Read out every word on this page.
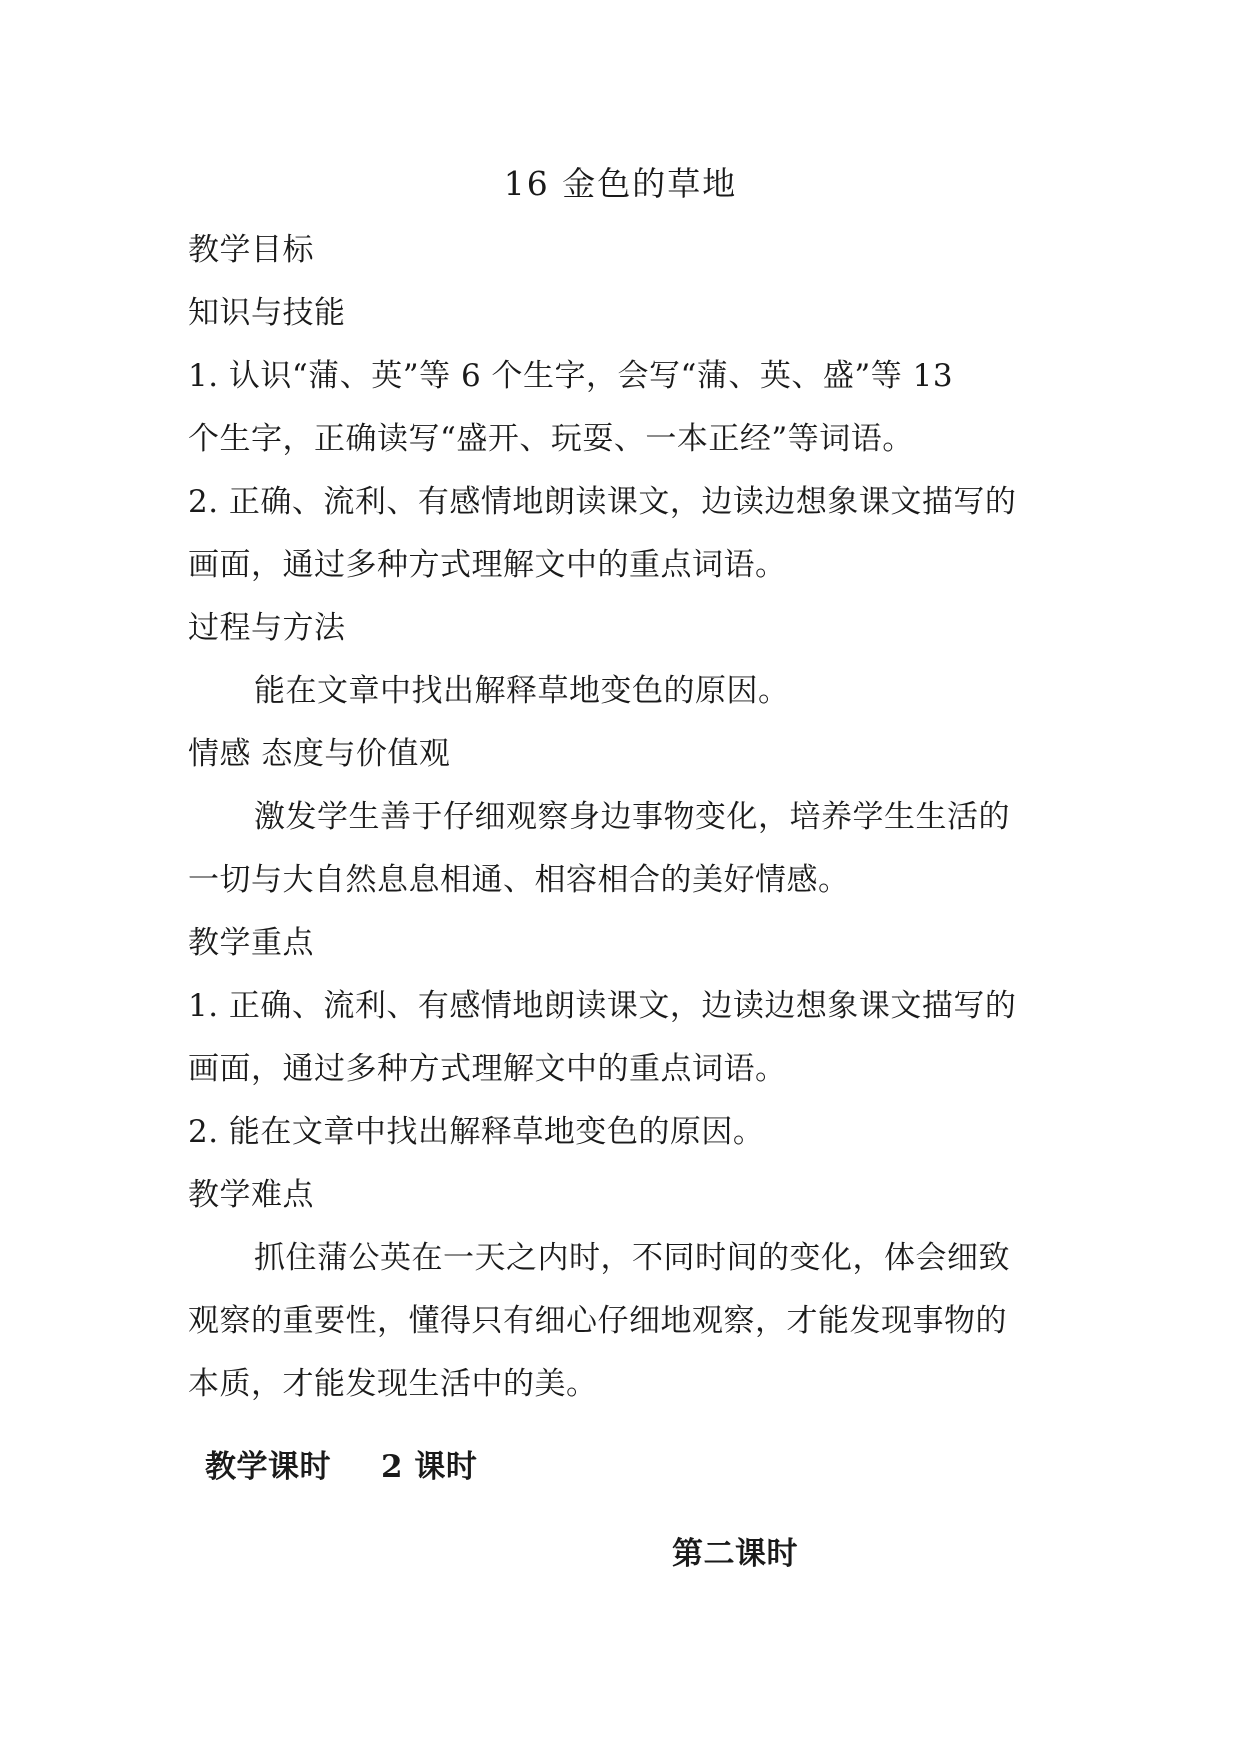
16 金色的草地
教学目标
知识与技能
1. 认识“蒲、英”等 6 个生字，会写“蒲、英、盛”等 13
个生字，正确读写“盛开、玩耍、一本正经”等词语。
2. 正确、流利、有感情地朗读课文，边读边想象课文描写的
画面，通过多种方式理解文中的重点词语。
过程与方法
能在文章中找出解释草地变色的原因。
情感 态度与价值观
激发学生善于仔细观察身边事物变化，培养学生生活的
一切与大自然息息相通、相容相合的美好情感。
教学重点
1. 正确、流利、有感情地朗读课文，边读边想象课文描写的
画面，通过多种方式理解文中的重点词语。
2. 能在文章中找出解释草地变色的原因。
教学难点
抓住蒲公英在一天之内时，不同时间的变化，体会细致
观察的重要性，懂得只有细心仔细地观察，才能发现事物的
本质，才能发现生活中的美。
教学课时 2 课时
第二课时
